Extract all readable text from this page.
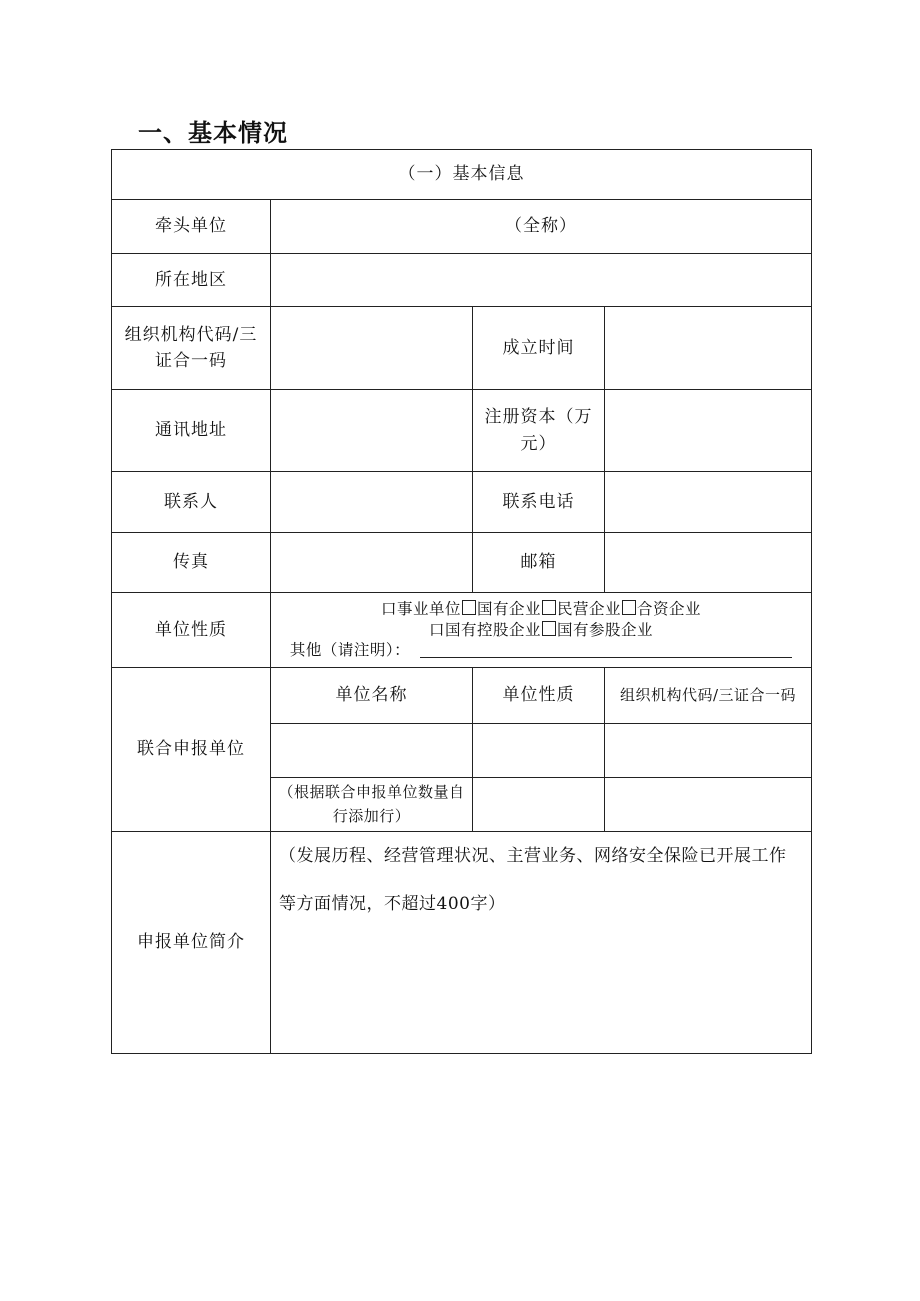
一、基本情况
（一）基本信息			
牵头单位	（全称）		
所在地区			

组织机构代码/三
证合一码		成立时间	
通讯地址		注册资本（万
元）	

联系人		联系电话	
传真		邮箱	
单位性质	口事业单位 国有企业 民营企业 合资企业
口国有控股企业 国有参股企业
其他（请注明）：		

联合申报单位	单位名称	单位性质	组织机构代码/三证合一码

	（根据联合申报单位数量自行添加行）		
申报单位简介	（发展历程、经营管理状况、主营业务、网络安全保险已开展工作等方面情况，不超过400字）		
